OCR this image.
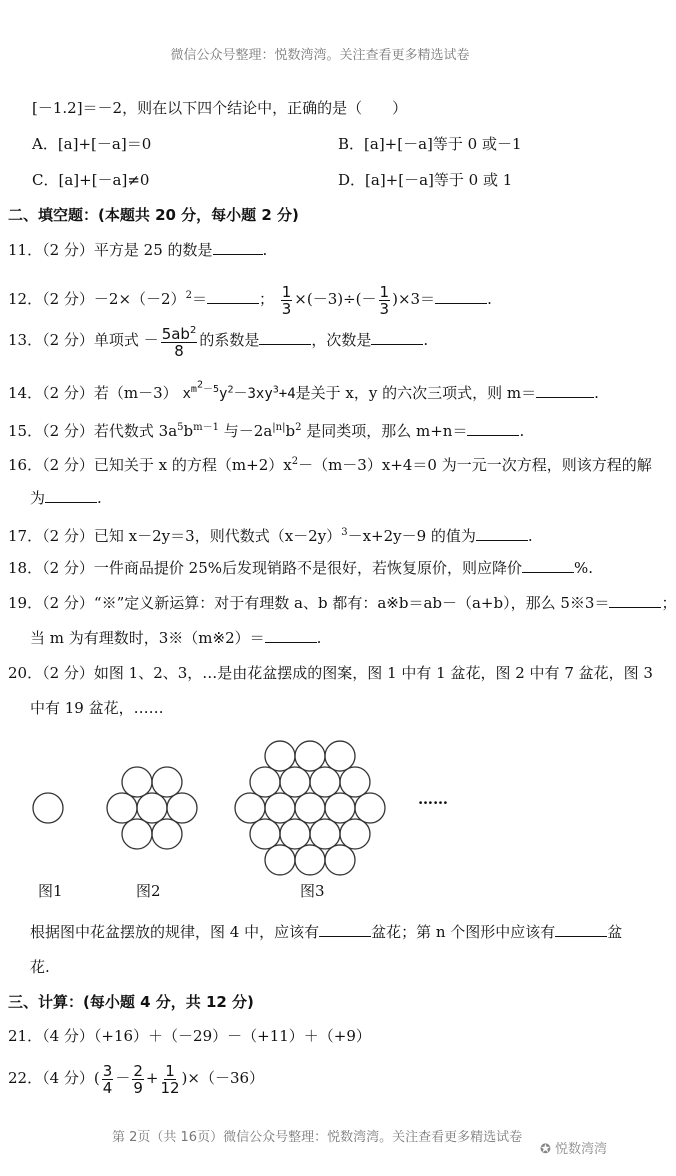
微信公众号整理：悦数湾湾。关注查看更多精选试卷
[－1.2]＝－2，则在以下四个结论中，正确的是（　　）
A．[a]+[－a]＝0	B．[a]+[－a]等于 0 或－1
C．[a]+[－a]≠0	D．[a]+[－a]等于 0 或 1
二、填空题：(本题共 20 分，每小题 2 分)
11．（2 分）平方是 25 的数是	.
12．（2 分）$-2\times(-2)^2=$	； $\frac{1}{3} \times(-3)\div(- \frac{1}{3} )\times 3=$	.
13．（2 分）单项式 － $\frac{5ab^2}{8}$ 的系数是	，次数是	.
14．（2 分）若（m－3） $x^{m^2-5}y^2-3xy^3+4$是关于 x，y 的六次三项式，则 m＝	.
15．（2 分）若代数式 $3a^5b^{m-1}$ 与$-2a^{|n|}b^2$ 是同类项，那么 m+n＝	.
16．（2 分）已知关于 x 的方程$(m+2)x^2-(m-3)x+4=0$ 为一元一次方程，则该方程的解
为	.
17．（2 分）已知 x－2y＝3，则代数式$(x-2y)^3-x+2y-9$ 的值为	.
18．（2 分）一件商品提价 25%后发现销路不是很好，若恢复原价，则应降价	%.
19．（2 分）“※”定义新运算：对于有理数 a、b 都有：a※b＝ab－（a+b），那么 5※3＝	；
当 m 为有理数时，3※（m※2）＝	.
20．（2 分）如图 1、2、3，…是由花盆摆成的图案，图 1 中有 1 盆花，图 2 中有 7 盆花，图 3
中有 19 盆花，……
图1	图2	图3
……
根据图中花盆摆放的规律，图 4 中，应该有	盆花；第 n 个图形中应该有	盆
花.
三、计算：(每小题 4 分，共 12 分)
21．（4 分）（+16）＋（－29）－（+11）＋（+9）
22．（4 分）( $\frac{3}{4} - \frac{2}{9} + \frac{1}{12} )\times(-36)$
第 2页（共 16页）微信公众号整理：悦数湾湾。关注查看更多精选试卷
✪ 悦数湾湾
